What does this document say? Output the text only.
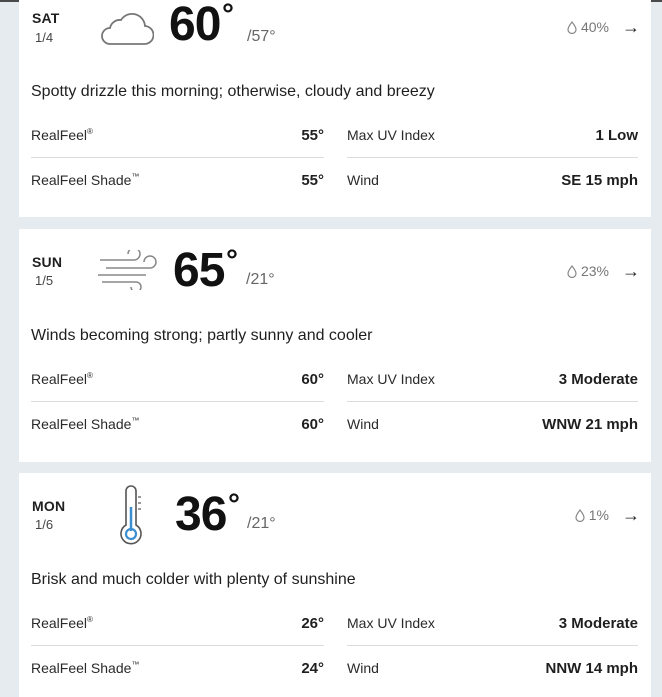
SAT
1/4 60 °
/57°
40% →
Spotty drizzle this morning; otherwise, cloudy and breezy
RealFeel®	55° Max UV Index	1 Low
RealFeel Shade™	55° Wind	SE 15 mph
SUN
1/5 65 °
/21°	23% →
Winds becoming strong; partly sunny and cooler
RealFeel®	60° Max UV Index	3 Moderate
RealFeel Shade™	60° Wind	WNW 21 mph
MON
1/6	36 °
/21°	1% →
Brisk and much colder with plenty of sunshine
RealFeel®	26° Max UV Index	3 Moderate
RealFeel Shade™	24° Wind	NNW 14 mph
